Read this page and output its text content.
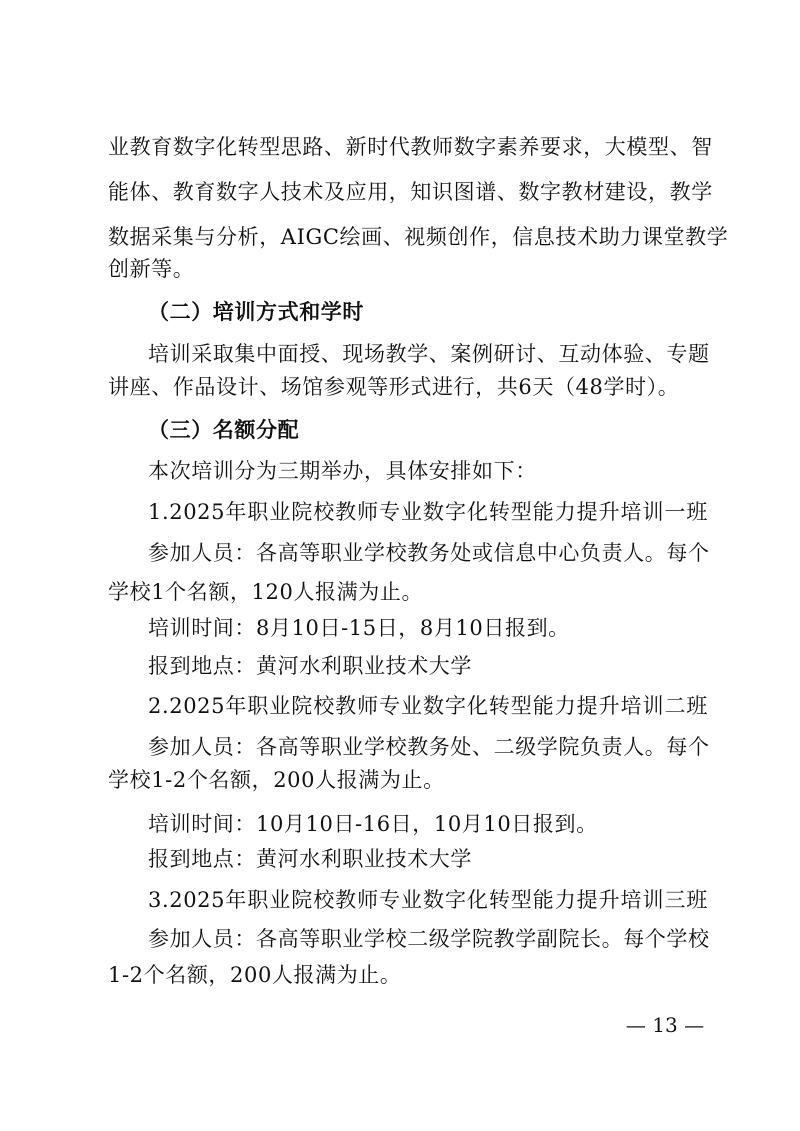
业教育数字化转型思路、新时代教师数字素养要求，大模型、智
能体、教育数字人技术及应用，知识图谱、数字教材建设，教学
数据采集与分析，AIGC绘画、视频创作，信息技术助力课堂教学
创新等。
（二）培训方式和学时
培训采取集中面授、现场教学、案例研讨、互动体验、专题
讲座、作品设计、场馆参观等形式进行，共6天（48学时）。
（三）名额分配
本次培训分为三期举办，具体安排如下：
1.2025年职业院校教师专业数字化转型能力提升培训一班
参加人员：各高等职业学校教务处或信息中心负责人。每个
学校1个名额，120人报满为止。
培训时间：8月10日-15日，8月10日报到。
报到地点：黄河水利职业技术大学
2.2025年职业院校教师专业数字化转型能力提升培训二班
参加人员：各高等职业学校教务处、二级学院负责人。每个
学校1-2个名额，200人报满为止。
培训时间：10月10日-16日，10月10日报到。
报到地点：黄河水利职业技术大学
3.2025年职业院校教师专业数字化转型能力提升培训三班
参加人员：各高等职业学校二级学院教学副院长。每个学校
1-2个名额，200人报满为止。
— 13 —
